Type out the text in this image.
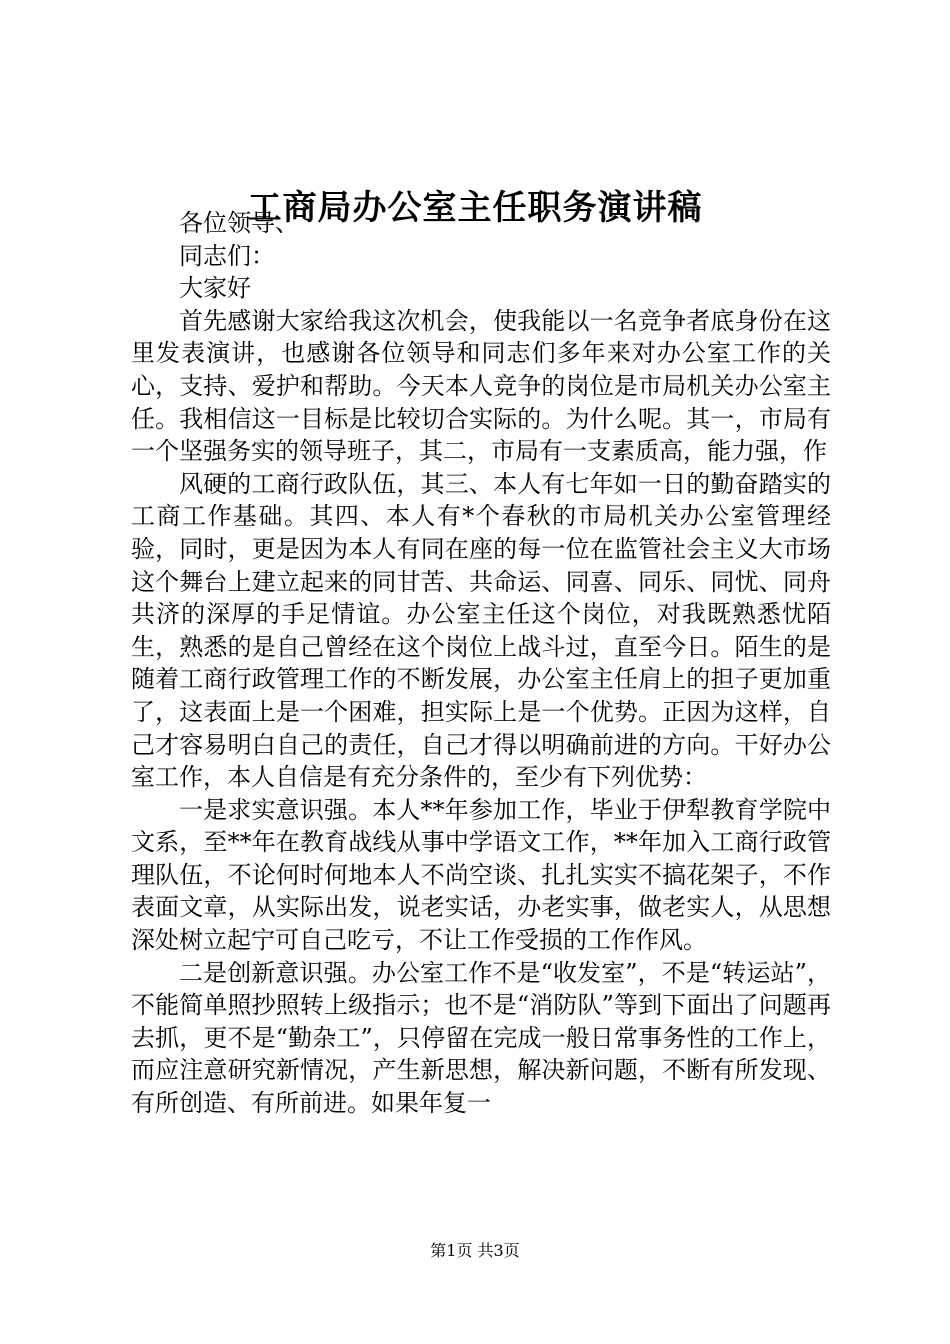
工商局办公室主任职务演讲稿

各位领导、

同志们：

大家好

首先感谢大家给我这次机会，使我能以一名竞争者底身份在这里发表演讲，也感谢各位领导和同志们多年来对办公室工作的关心，支持、爱护和帮助。今天本人竞争的岗位是市局机关办公室主任。我相信这一目标是比较切合实际的。为什么呢。其一，市局有一个坚强务实的领导班子，其二，市局有一支素质高，能力强，作

风硬的工商行政队伍，其三、本人有七年如一日的勤奋踏实的工商工作基础。其四、本人有*个春秋的市局机关办公室管理经验，同时，更是因为本人有同在座的每一位在监管社会主义大市场这个舞台上建立起来的同甘苦、共命运、同喜、同乐、同忧、同舟共济的深厚的手足情谊。办公室主任这个岗位，对我既熟悉忧陌生，熟悉的是自己曾经在这个岗位上战斗过，直至今日。陌生的是随着工商行政管理工作的不断发展，办公室主任肩上的担子更加重了，这表面上是一个困难，担实际上是一个优势。正因为这样，自己才容易明白自己的责任，自己才得以明确前进的方向。干好办公室工作，本人自信是有充分条件的，至少有下列优势：

一是求实意识强。本人**年参加工作，毕业于伊犁教育学院中文系，至**年在教育战线从事中学语文工作，**年加入工商行政管理队伍，不论何时何地本人不尚空谈、扎扎实实不搞花架子，不作表面文章，从实际出发，说老实话，办老实事，做老实人，从思想深处树立起宁可自己吃亏，不让工作受损的工作作风。

二是创新意识强。办公室工作不是“收发室”，不是“转运站”，不能简单照抄照转上级指示；也不是“消防队”等到下面出了问题再去抓，更不是“勤杂工”，只停留在完成一般日常事务性的工作上，而应注意研究新情况，产生新思想，解决新问题，不断有所发现、有所创造、有所前进。如果年复一

第1页 共3页
